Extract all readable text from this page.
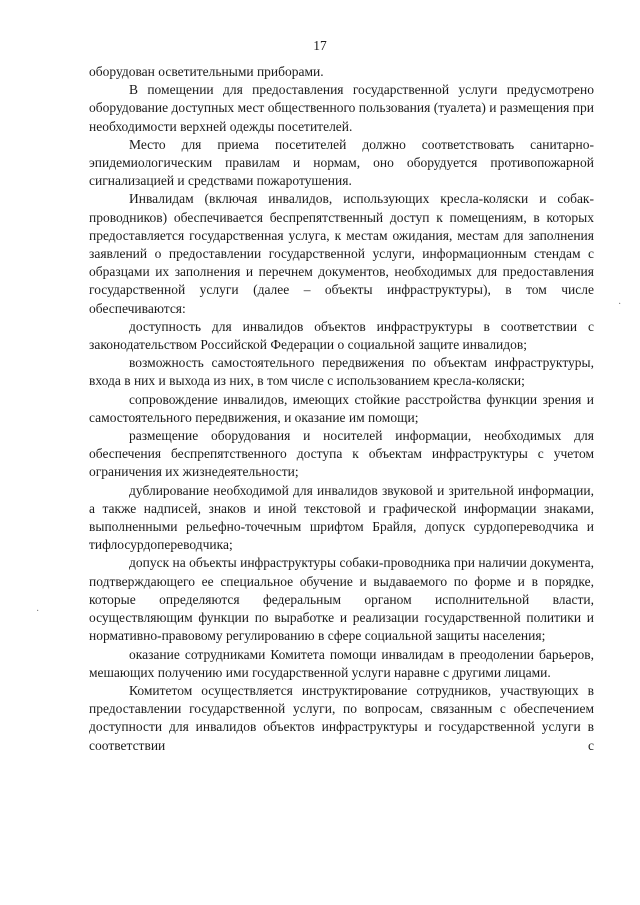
17

оборудован осветительными приборами.

В помещении для предоставления государственной услуги предусмотрено оборудование доступных мест общественного пользования (туалета) и размещения при необходимости верхней одежды посетителей.

Место для приема посетителей должно соответствовать санитарно-эпидемиологическим правилам и нормам, оно оборудуется противопожарной сигнализацией и средствами пожаротушения.

Инвалидам (включая инвалидов, использующих кресла-коляски и собак-проводников) обеспечивается беспрепятственный доступ к помещениям, в которых предоставляется государственная услуга, к местам ожидания, местам для заполнения заявлений о предоставлении государственной услуги, информационным стендам с образцами их заполнения и перечнем документов, необходимых для предоставления государственной услуги (далее – объекты инфраструктуры), в том числе обеспечиваются:

доступность для инвалидов объектов инфраструктуры в соответствии с законодательством Российской Федерации о социальной защите инвалидов;

возможность самостоятельного передвижения по объектам инфраструктуры, входа в них и выхода из них, в том числе с использованием кресла-коляски;

сопровождение инвалидов, имеющих стойкие расстройства функции зрения и самостоятельного передвижения, и оказание им помощи;

размещение оборудования и носителей информации, необходимых для обеспечения беспрепятственного доступа к объектам инфраструктуры с учетом ограничения их жизнедеятельности;

дублирование необходимой для инвалидов звуковой и зрительной информации, а также надписей, знаков и иной текстовой и графической информации знаками, выполненными рельефно-точечным шрифтом Брайля, допуск сурдопереводчика и тифлосурдопереводчика;

допуск на объекты инфраструктуры собаки-проводника при наличии документа, подтверждающего ее специальное обучение и выдаваемого по форме и в порядке, которые определяются федеральным органом исполнительной власти, осуществляющим функции по выработке и реализации государственной политики и нормативно-правовому регулированию в сфере социальной защиты населения;

оказание сотрудниками Комитета помощи инвалидам в преодолении барьеров, мешающих получению ими государственной услуги наравне с другими лицами.

Комитетом осуществляется инструктирование сотрудников, участвующих в предоставлении государственной услуги, по вопросам, связанным с обеспечением доступности для инвалидов объектов инфраструктуры и государственной услуги в соответствии с

·
·
